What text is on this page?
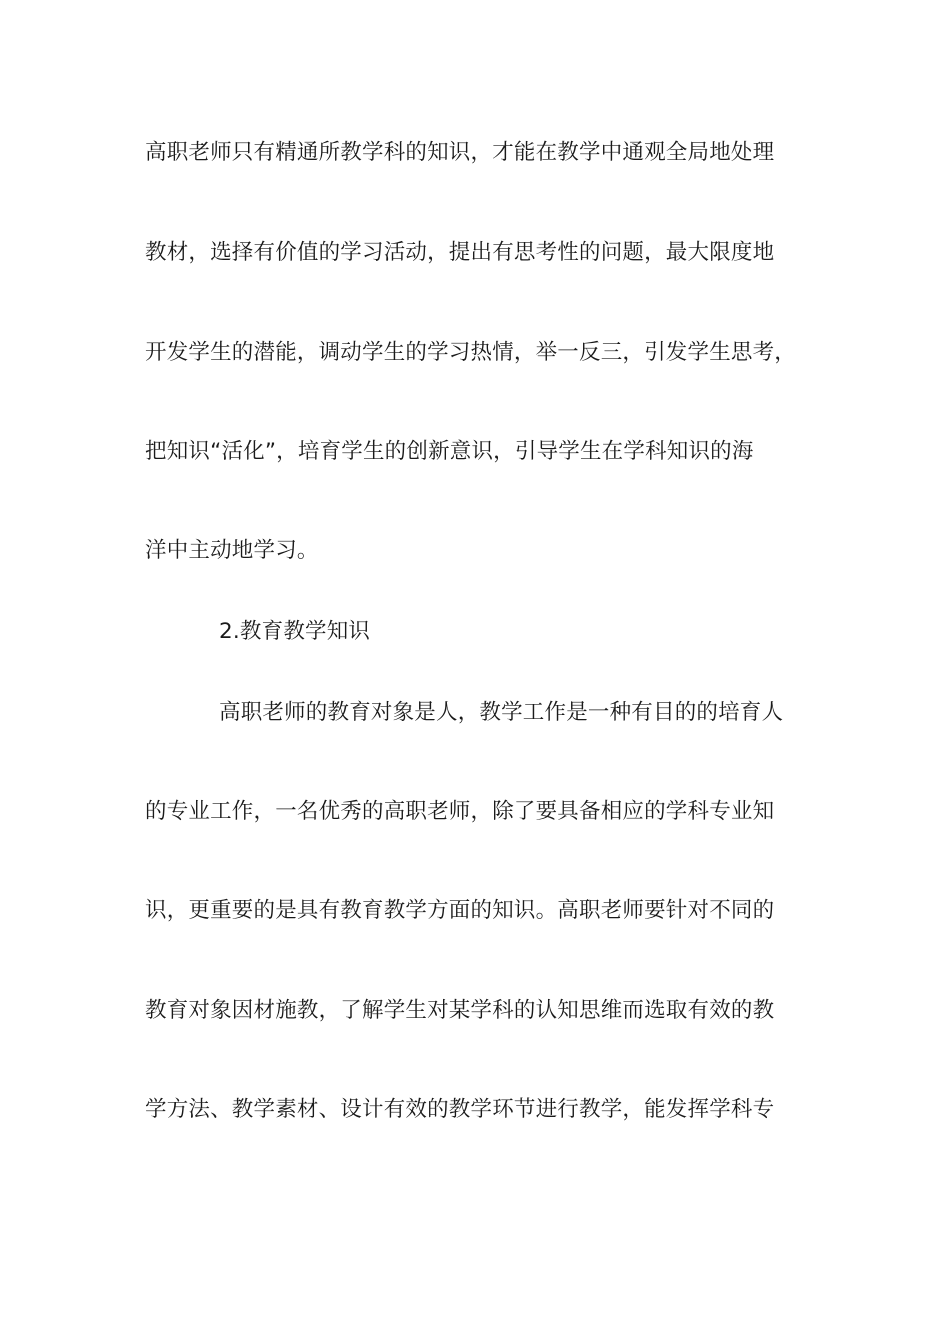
高职老师只有精通所教学科的知识，才能在教学中通观全局地处理
教材，选择有价值的学习活动，提出有思考性的问题，最大限度地
开发学生的潜能，调动学生的学习热情，举一反三，引发学生思考，
把知识“活化”，培育学生的创新意识，引导学生在学科知识的海
洋中主动地学习。
2.教育教学知识
高职老师的教育对象是人，教学工作是一种有目的的培育人
的专业工作，一名优秀的高职老师，除了要具备相应的学科专业知
识，更重要的是具有教育教学方面的知识。高职老师要针对不同的
教育对象因材施教，了解学生对某学科的认知思维而选取有效的教
学方法、教学素材、设计有效的教学环节进行教学，能发挥学科专
